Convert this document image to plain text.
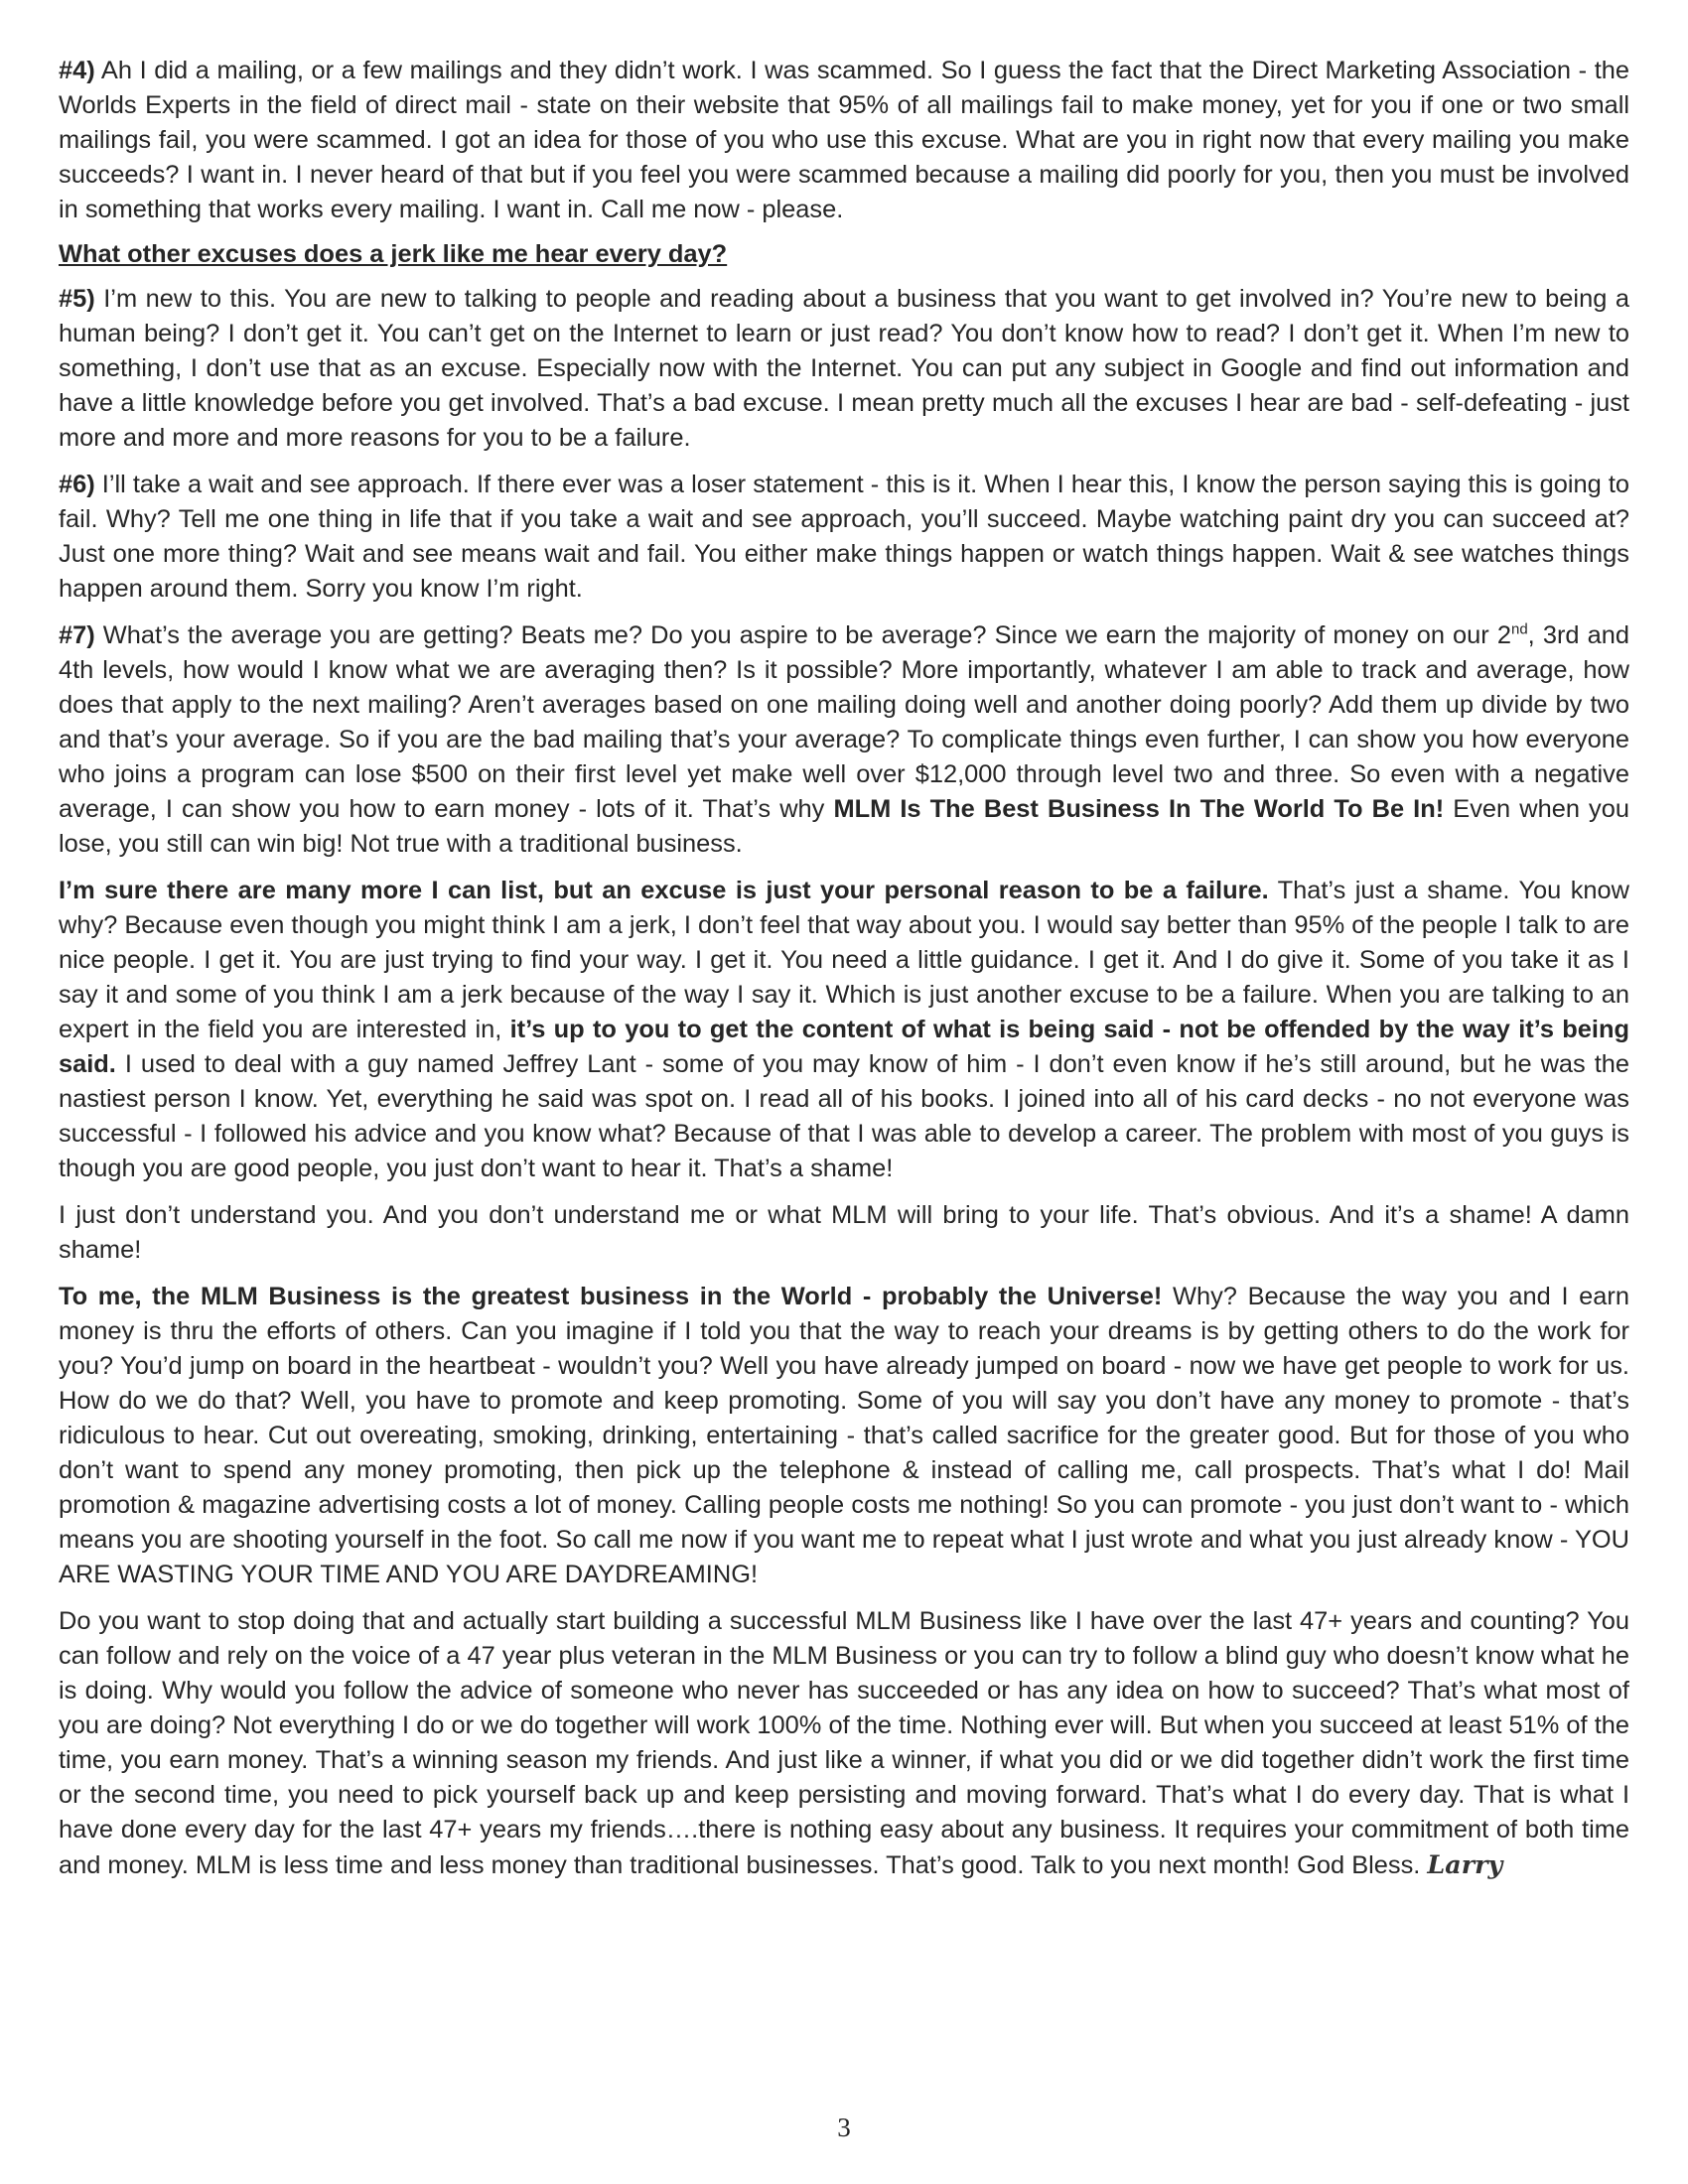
#4) Ah I did a mailing, or a few mailings and they didn’t work. I was scammed. So I guess the fact that the Direct Marketing Association - the Worlds Experts in the field of direct mail - state on their website that 95% of all mailings fail to make money, yet for you if one or two small mailings fail, you were scammed. I got an idea for those of you who use this excuse. What are you in right now that every mailing you make succeeds? I want in. I never heard of that but if you feel you were scammed because a mailing did poorly for you, then you must be involved in something that works every mailing. I want in. Call me now - please.

What other excuses does a jerk like me hear every day?

#5) I’m new to this. You are new to talking to people and reading about a business that you want to get involved in? You’re new to being a human being? I don’t get it. You can’t get on the Internet to learn or just read? You don’t know how to read? I don’t get it. When I’m new to something, I don’t use that as an excuse. Especially now with the Internet. You can put any subject in Google and find out information and have a little knowledge before you get involved. That’s a bad excuse. I mean pretty much all the excuses I hear are bad - self-defeating - just more and more and more reasons for you to be a failure.

#6) I’ll take a wait and see approach. If there ever was a loser statement - this is it. When I hear this, I know the person saying this is going to fail. Why? Tell me one thing in life that if you take a wait and see approach, you’ll succeed. Maybe watching paint dry you can succeed at? Just one more thing? Wait and see means wait and fail. You either make things happen or watch things happen. Wait & see watches things happen around them. Sorry you know I’m right.

#7) What’s the average you are getting? Beats me? Do you aspire to be average? Since we earn the majority of money on our 2nd, 3rd and 4th levels, how would I know what we are averaging then? Is it possible? More importantly, whatever I am able to track and average, how does that apply to the next mailing? Aren’t averages based on one mailing doing well and another doing poorly? Add them up divide by two and that’s your average. So if you are the bad mailing that’s your average? To complicate things even further, I can show you how everyone who joins a program can lose $500 on their first level yet make well over $12,000 through level two and three. So even with a negative average, I can show you how to earn money - lots of it. That’s why MLM Is The Best Business In The World To Be In! Even when you lose, you still can win big! Not true with a traditional business.

I’m sure there are many more I can list, but an excuse is just your personal reason to be a failure. That’s just a shame. You know why? Because even though you might think I am a jerk, I don’t feel that way about you. I would say better than 95% of the people I talk to are nice people. I get it. You are just trying to find your way. I get it. You need a little guidance. I get it. And I do give it. Some of you take it as I say it and some of you think I am a jerk because of the way I say it. Which is just another excuse to be a failure. When you are talking to an expert in the field you are interested in, it’s up to you to get the content of what is being said - not be offended by the way it’s being said. I used to deal with a guy named Jeffrey Lant - some of you may know of him - I don’t even know if he’s still around, but he was the nastiest person I know. Yet, everything he said was spot on. I read all of his books. I joined into all of his card decks - no not everyone was successful - I followed his advice and you know what? Because of that I was able to develop a career. The problem with most of you guys is though you are good people, you just don’t want to hear it. That’s a shame!

I just don’t understand you. And you don’t understand me or what MLM will bring to your life. That’s obvious. And it’s a shame! A damn shame!

To me, the MLM Business is the greatest business in the World - probably the Universe! Why? Because the way you and I earn money is thru the efforts of others. Can you imagine if I told you that the way to reach your dreams is by getting others to do the work for you? You’d jump on board in the heartbeat - wouldn’t you? Well you have already jumped on board - now we have get people to work for us. How do we do that? Well, you have to promote and keep promoting. Some of you will say you don’t have any money to promote - that’s ridiculous to hear. Cut out overeating, smoking, drinking, entertaining - that’s called sacrifice for the greater good. But for those of you who don’t want to spend any money promoting, then pick up the telephone & instead of calling me, call prospects. That’s what I do! Mail promotion & magazine advertising costs a lot of money. Calling people costs me nothing! So you can promote - you just don’t want to - which means you are shooting yourself in the foot. So call me now if you want me to repeat what I just wrote and what you just already know - YOU ARE WASTING YOUR TIME AND YOU ARE DAYDREAMING!

Do you want to stop doing that and actually start building a successful MLM Business like I have over the last 47+ years and counting? You can follow and rely on the voice of a 47 year plus veteran in the MLM Business or you can try to follow a blind guy who doesn’t know what he is doing. Why would you follow the advice of someone who never has succeeded or has any idea on how to succeed? That’s what most of you are doing? Not everything I do or we do together will work 100% of the time. Nothing ever will. But when you succeed at least 51% of the time, you earn money. That’s a winning season my friends. And just like a winner, if what you did or we did together didn’t work the first time or the second time, you need to pick yourself back up and keep persisting and moving forward. That’s what I do every day. That is what I have done every day for the last 47+ years my friends….there is nothing easy about any business. It requires your commitment of both time and money. MLM is less time and less money than traditional businesses. That’s good. Talk to you next month! God Bless. Larry

3
